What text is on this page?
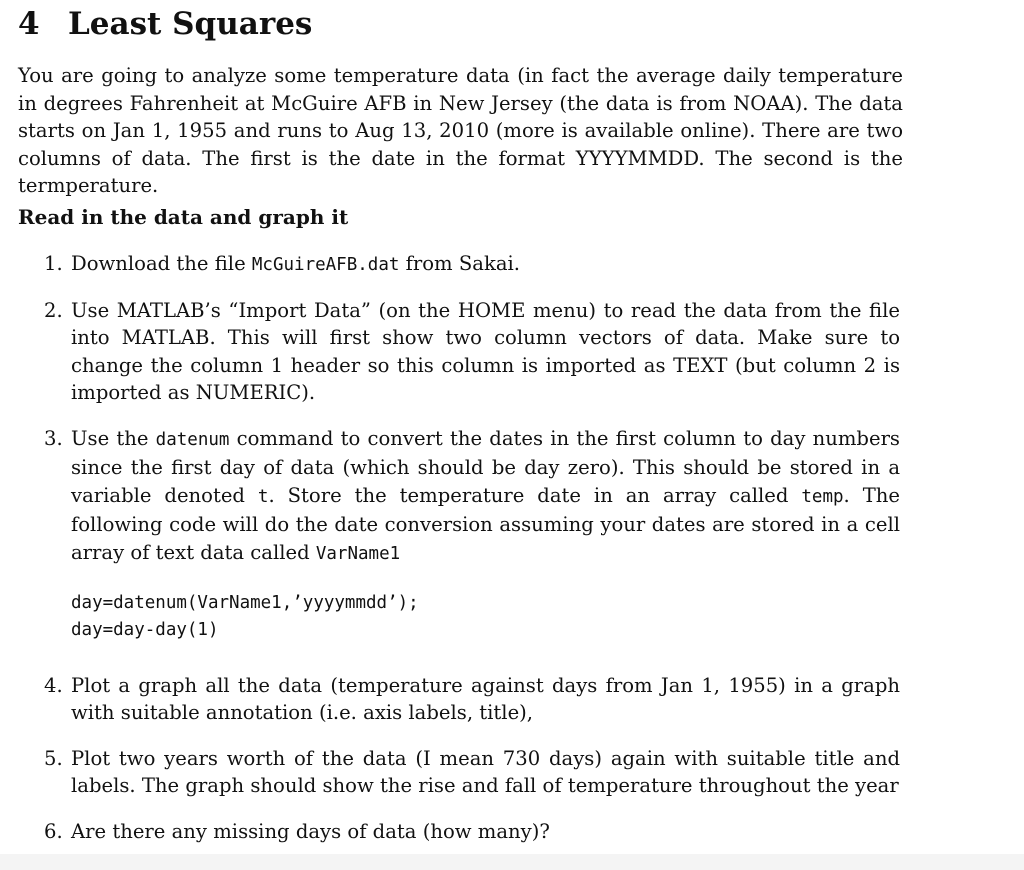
4 Least Squares

You are going to analyze some temperature data (in fact the average daily temperature in degrees Fahrenheit at McGuire AFB in New Jersey (the data is from NOAA). The data starts on Jan 1, 1955 and runs to Aug 13, 2010 (more is available online). There are two columns of data. The first is the date in the format YYYYMMDD. The second is the termperature.

Read in the data and graph it
1. Download the file McGuireAFB.dat from Sakai.
2. Use MATLAB’s “Import Data” (on the HOME menu) to read the data from the file into MATLAB. This will first show two column vectors of data. Make sure to change the column 1 header so this column is imported as TEXT (but column 2 is imported as NUMERIC).
3. Use the datenum command to convert the dates in the first column to day numbers since the first day of data (which should be day zero). This should be stored in a variable denoted t. Store the temperature date in an array called temp. The following code will do the date conversion assuming your dates are stored in a cell array of text data called VarName1
day=datenum(VarName1,’yyyymmdd’);
day=day-day(1)
4. Plot a graph all the data (temperature against days from Jan 1, 1955) in a graph with suitable annotation (i.e. axis labels, title),
5. Plot two years worth of the data (I mean 730 days) again with suitable title and labels. The graph should show the rise and fall of temperature throughout the year
6. Are there any missing days of data (how many)?
